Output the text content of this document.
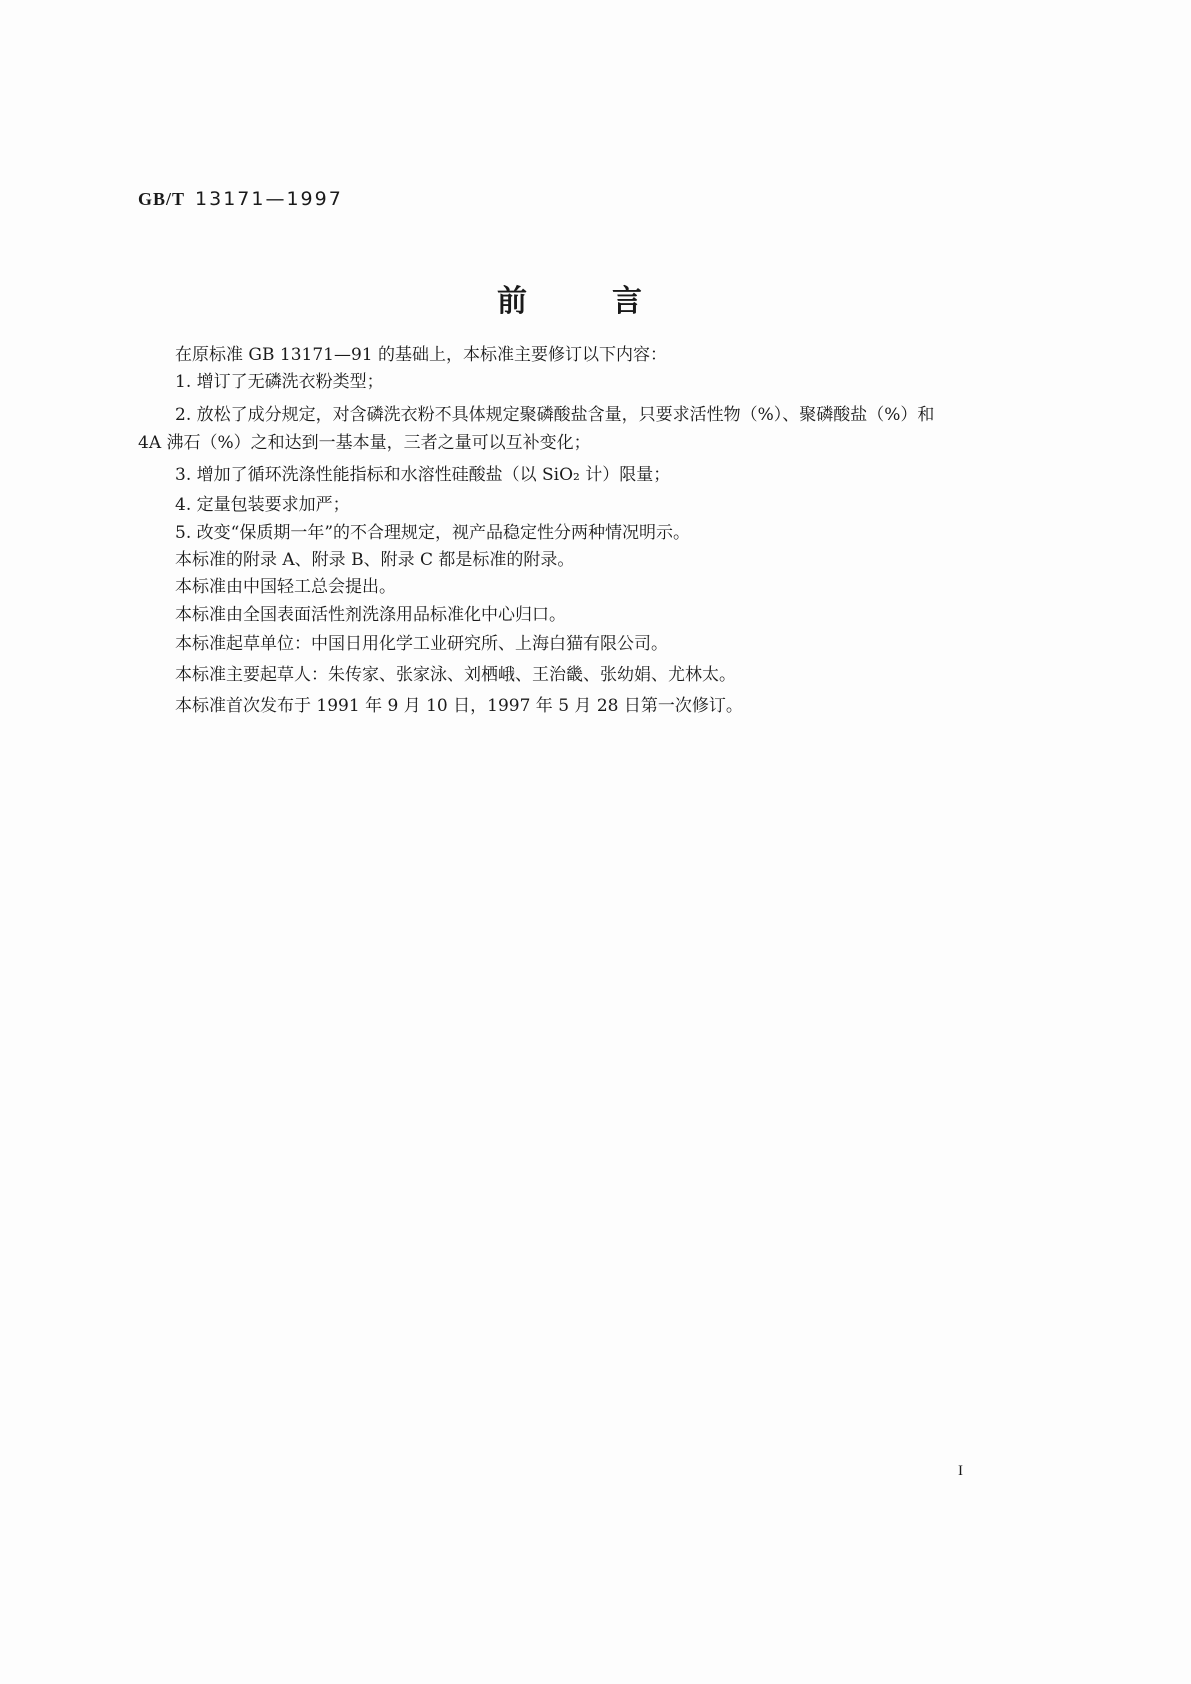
GB/T 13171—1997
前	言
在原标准 GB 13171—91 的基础上，本标准主要修订以下内容：
1. 增订了无磷洗衣粉类型；
2. 放松了成分规定，对含磷洗衣粉不具体规定聚磷酸盐含量，只要求活性物（%）、聚磷酸盐（%）和
4A 沸石（%）之和达到一基本量，三者之量可以互补变化；
3. 增加了循环洗涤性能指标和水溶性硅酸盐（以 SiO₂ 计）限量；
4. 定量包装要求加严；
5. 改变“保质期一年”的不合理规定，视产品稳定性分两种情况明示。
本标准的附录 A、附录 B、附录 C 都是标准的附录。
本标准由中国轻工总会提出。
本标准由全国表面活性剂洗涤用品标准化中心归口。
本标准起草单位：中国日用化学工业研究所、上海白猫有限公司。
本标准主要起草人：朱传家、张家泳、刘栖峨、王治畿、张幼娟、尤林太。
本标准首次发布于 1991 年 9 月 10 日，1997 年 5 月 28 日第一次修订。
I
